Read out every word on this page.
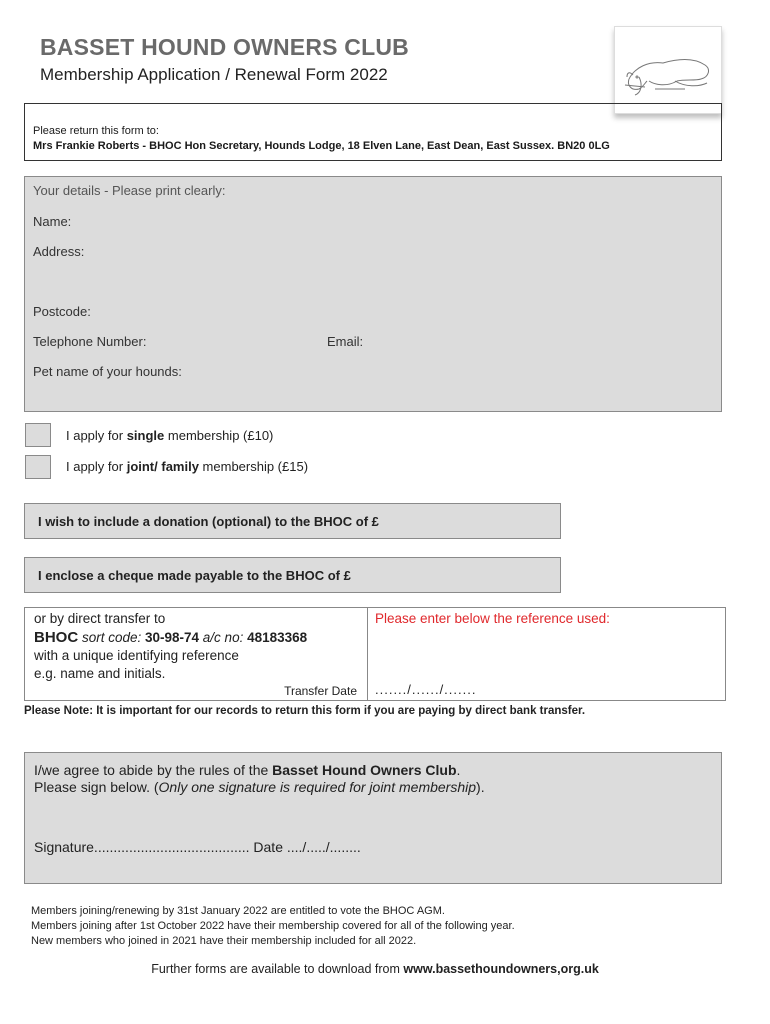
BASSET HOUND OWNERS CLUB
Membership Application / Renewal Form 2022
Please return this form to:
Mrs Frankie Roberts - BHOC Hon Secretary, Hounds Lodge, 18 Elven Lane, East Dean, East Sussex. BN20 0LG
Your details - Please print clearly:
Name:
Address:
Postcode:
Telephone Number:	Email:
Pet name of your hounds:
I apply for single membership (£10)
I apply for joint/ family membership (£15)
I wish to include a donation (optional) to the BHOC of £
I enclose a cheque made payable to the BHOC of £
or by direct transfer to
BHOC sort code: 30-98-74 a/c no: 48183368
with a unique identifying reference
e.g. name and initials.
Please enter below the reference used:
Transfer Date ......./....../.......
Please Note: It is important for our records to return this form if you are paying by direct bank transfer.
I/we agree to abide by the rules of the Basset Hound Owners Club.
Please sign below. (Only one signature is required for joint membership).
Signature........................................ Date ..../...../........
Members joining/renewing by 31st January 2022 are entitled to vote the BHOC AGM.
Members joining after 1st October 2022 have their membership covered for all of the following year.
New members who joined in 2021 have their membership included for all 2022.
Further forms are available to download from www.bassethoundowners,org.uk
